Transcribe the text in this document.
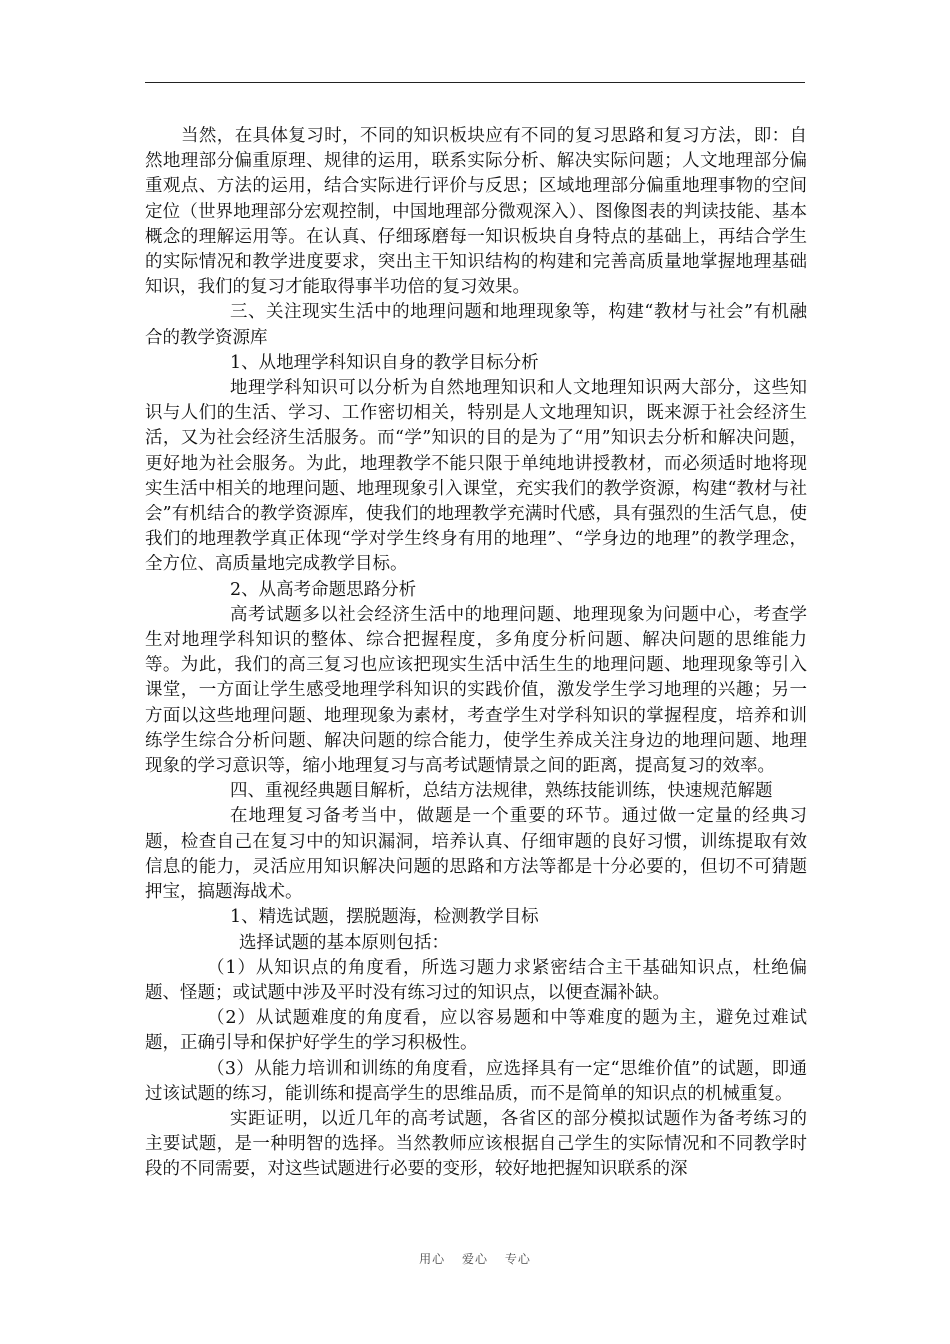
当然，在具体复习时，不同的知识板块应有不同的复习思路和复习方法，即：自然地理部分偏重原理、规律的运用，联系实际分析、解决实际问题；人文地理部分偏重观点、方法的运用，结合实际进行评价与反思；区域地理部分偏重地理事物的空间定位（世界地理部分宏观控制，中国地理部分微观深入）、图像图表的判读技能、基本概念的理解运用等。在认真、仔细琢磨每一知识板块自身特点的基础上，再结合学生的实际情况和教学进度要求，突出主干知识结构的构建和完善高质量地掌握地理基础知识，我们的复习才能取得事半功倍的复习效果。

三、关注现实生活中的地理问题和地理现象等，构建“教材与社会”有机融合的教学资源库

1、从地理学科知识自身的教学目标分析

地理学科知识可以分析为自然地理知识和人文地理知识两大部分，这些知识与人们的生活、学习、工作密切相关，特别是人文地理知识，既来源于社会经济生活，又为社会经济生活服务。而“学”知识的目的是为了“用”知识去分析和解决问题，更好地为社会服务。为此，地理教学不能只限于单纯地讲授教材，而必须适时地将现实生活中相关的地理问题、地理现象引入课堂，充实我们的教学资源，构建“教材与社会”有机结合的教学资源库，使我们的地理教学充满时代感，具有强烈的生活气息，使我们的地理教学真正体现“学对学生终身有用的地理”、“学身边的地理”的教学理念，全方位、高质量地完成教学目标。

2、从高考命题思路分析

高考试题多以社会经济生活中的地理问题、地理现象为问题中心，考查学生对地理学科知识的整体、综合把握程度，多角度分析问题、解决问题的思维能力等。为此，我们的高三复习也应该把现实生活中活生生的地理问题、地理现象等引入课堂，一方面让学生感受地理学科知识的实践价值，激发学生学习地理的兴趣；另一方面以这些地理问题、地理现象为素材，考查学生对学科知识的掌握程度，培养和训练学生综合分析问题、解决问题的综合能力，使学生养成关注身边的地理问题、地理现象的学习意识等，缩小地理复习与高考试题情景之间的距离，提高复习的效率。

四、重视经典题目解析，总结方法规律，熟练技能训练，快速规范解题

在地理复习备考当中，做题是一个重要的环节。通过做一定量的经典习题，检查自己在复习中的知识漏洞，培养认真、仔细审题的良好习惯，训练提取有效信息的能力，灵活应用知识解决问题的思路和方法等都是十分必要的，但切不可猜题押宝，搞题海战术。

1、精选试题，摆脱题海，检测教学目标

选择试题的基本原则包括：

（1）从知识点的角度看，所选习题力求紧密结合主干基础知识点，杜绝偏题、怪题；或试题中涉及平时没有练习过的知识点，以便查漏补缺。

（2）从试题难度的角度看，应以容易题和中等难度的题为主，避免过难试题，正确引导和保护好学生的学习积极性。

（3）从能力培训和训练的角度看，应选择具有一定“思维价值”的试题，即通过该试题的练习，能训练和提高学生的思维品质，而不是简单的知识点的机械重复。

实距证明，以近几年的高考试题，各省区的部分模拟试题作为备考练习的主要试题，是一种明智的选择。当然教师应该根据自己学生的实际情况和不同教学时段的不同需要，对这些试题进行必要的变形，较好地把握知识联系的深

用心 爱心 专心
